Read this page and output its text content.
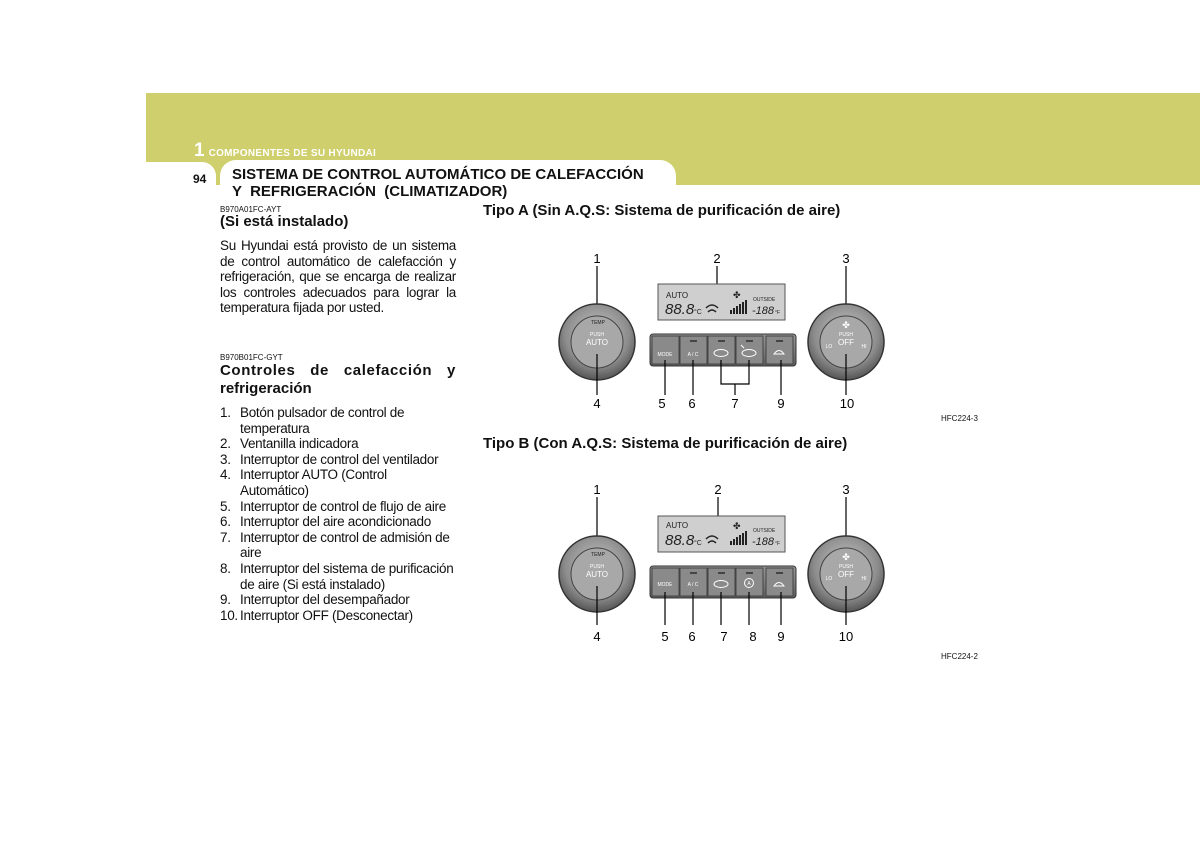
1 COMPONENTES DE SU HYUNDAI
94 SISTEMA DE CONTROL AUTOMÁTICO DE CALEFACCIÓN
Y  REFRIGERACIÓN  (CLIMATIZADOR)
B970A01FC-AYT
(Si está instalado)
Su Hyundai está provisto de un sistema de control automático de calefacción y refrigeración, que se encarga de realizar los controles adecuados para lograr la temperatura fijada por usted.
B970B01FC-GYT
Controles de calefacción y
refrigeración
1. Botón pulsador de control de temperatura
2. Ventanilla indicadora
3. Interruptor de control del ventilador
4. Interruptor AUTO (Control Automático)
5. Interruptor de control de flujo de aire
6. Interruptor del aire acondicionado
7. Interruptor de control de admisión de aire
8. Interruptor del sistema de purificación de aire (Si está instalado)
9. Interruptor del desempañador
10. Interruptor OFF (Desconectar)
Tipo A (Sin A.Q.S: Sistema de purificación de aire)
1	2	3
TEMP
PUSH
AUTO
AUTO
88.8 °C
✤ OUTSIDE
-188 °F
MODE	A / C
✤
PUSH
OFF
LO	HI
4	5 6	7	9	10
HFC224-3
Tipo B (Con A.Q.S: Sistema de purificación de aire)
1	2	3
TEMP
PUSH
AUTO
AUTO
88.8 °C
✤ OUTSIDE
-188 °F
MODE	A / C	A
✤
PUSH
OFF
LO	HI
4	5 6 7 8 9	10
HFC224-2
